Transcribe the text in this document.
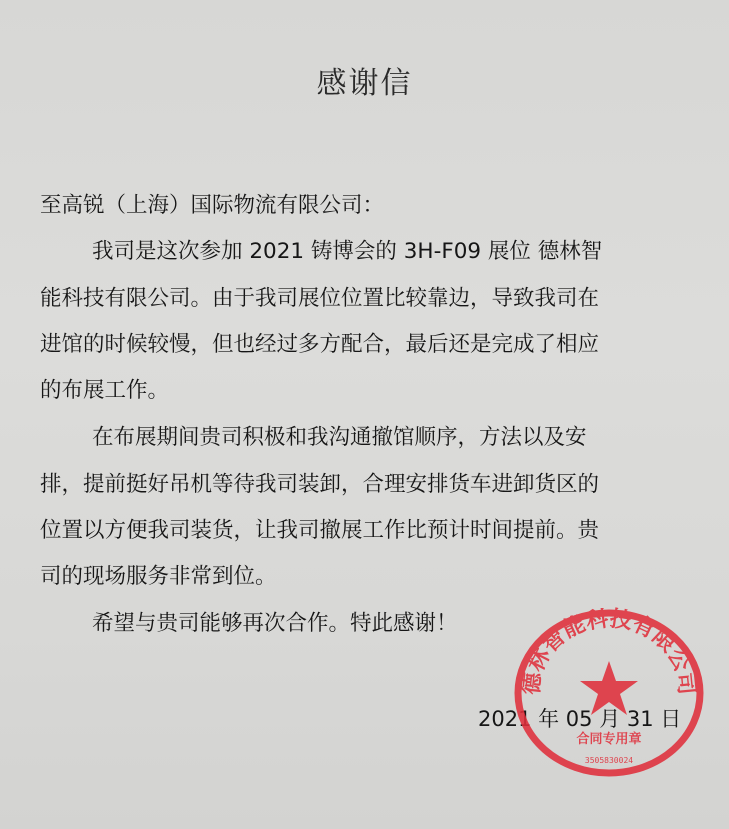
感谢信
至高锐（上海）国际物流有限公司：
我司是这次参加 2021 铸博会的 3H-F09 展位 德林智
能科技有限公司。由于我司展位位置比较靠边，导致我司在
进馆的时候较慢，但也经过多方配合，最后还是完成了相应
的布展工作。
在布展期间贵司积极和我沟通撤馆顺序，方法以及安
排，提前挺好吊机等待我司装卸，合理安排货车进卸货区的
位置以方便我司装货，让我司撤展工作比预计时间提前。贵
司的现场服务非常到位。
希望与贵司能够再次合作。特此感谢！
2021 年 05 月 31 日
德林智能科技有限公司
合同专用章
3505830024
